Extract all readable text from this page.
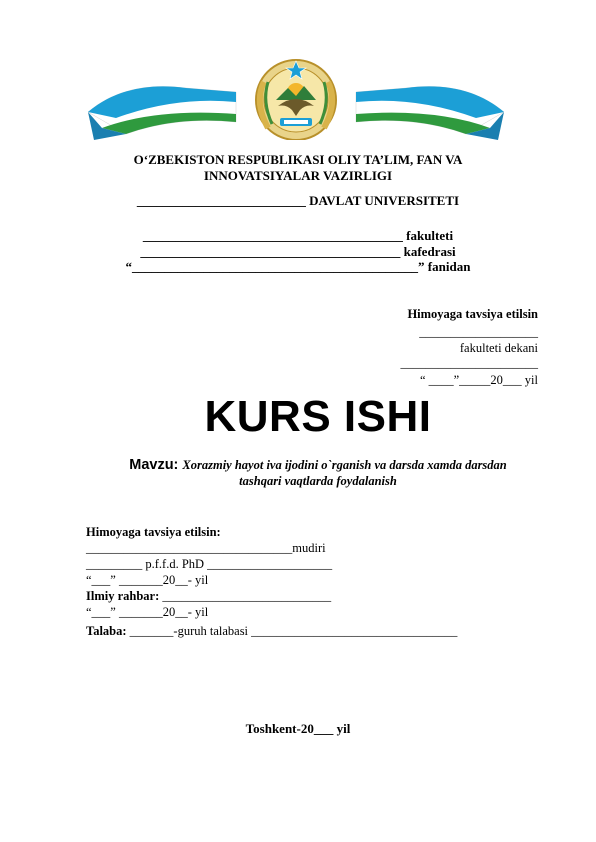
O‘ZBEKISTON RESPUBLIKASI OLIY TA’LIM, FAN VA
INNOVATSIYALAR VAZIRLIGI
__________________________ DAVLAT UNIVERSITETI
________________________________________ fakulteti
________________________________________ kafedrasi
“____________________________________________” fanidan
Himoyaga tavsiya etilsin
___________________
fakulteti dekani
______________________
“ ____”_____20___ yil
KURS ISHI
Mavzu: Xorazmiy hayot iva ijodini o`rganish va darsda xamda darsdan
tashqari vaqtlarda foydalanish
Himoyaga tavsiya etilsin:
_________________________________mudiri
_________ p.f.f.d. PhD ____________________
“___” _______20__- yil
Ilmiy rahbar: ___________________________
“___” _______20__- yil
Talaba: _______-guruh talabasi _________________________________
Toshkent-20___ yil
